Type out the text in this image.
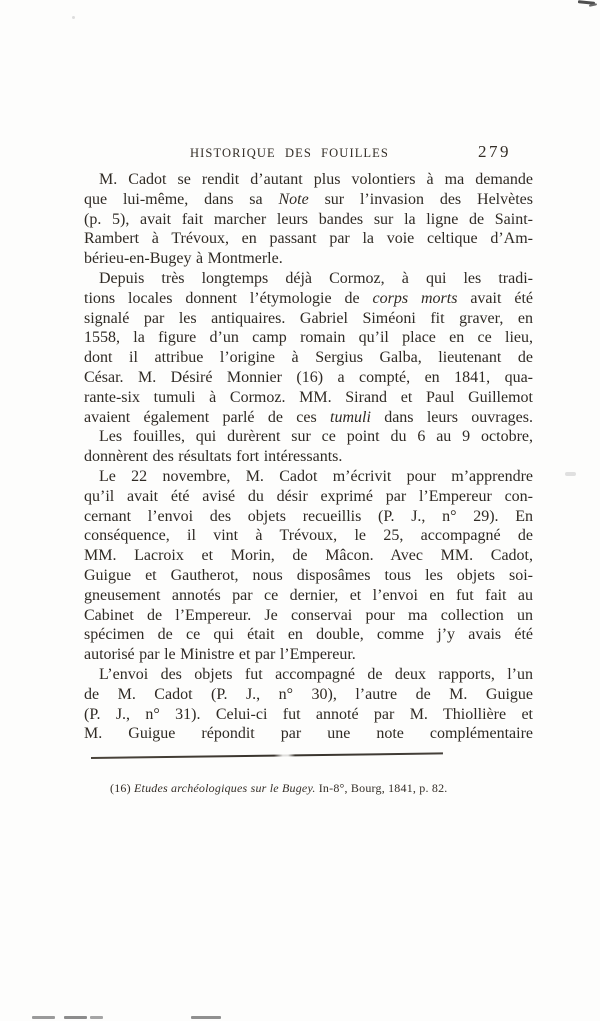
HISTORIQUE DES FOUILLES	279
M. Cadot se rendit d’autant plus volontiers à ma demande
que lui-même, dans sa Note sur l’invasion des Helvètes
(p. 5), avait fait marcher leurs bandes sur la ligne de Saint-
Rambert à Trévoux, en passant par la voie celtique d’Am-
bérieu-en-Bugey à Montmerle.
Depuis très longtemps déjà Cormoz, à qui les tradi-
tions locales donnent l’étymologie de corps morts avait été
signalé par les antiquaires. Gabriel Siméoni fit graver, en
1558, la figure d’un camp romain qu’il place en ce lieu,
dont il attribue l’origine à Sergius Galba, lieutenant de
César. M. Désiré Monnier (16) a compté, en 1841, qua-
rante-six tumuli à Cormoz. MM. Sirand et Paul Guillemot
avaient également parlé de ces tumuli dans leurs ouvrages.
Les fouilles, qui durèrent sur ce point du 6 au 9 octobre,
donnèrent des résultats fort intéressants.
Le 22 novembre, M. Cadot m’écrivit pour m’apprendre
qu’il avait été avisé du désir exprimé par l’Empereur con-
cernant l’envoi des objets recueillis (P. J., n° 29). En
conséquence, il vint à Trévoux, le 25, accompagné de
MM. Lacroix et Morin, de Mâcon. Avec MM. Cadot,
Guigue et Gautherot, nous disposâmes tous les objets soi-
gneusement annotés par ce dernier, et l’envoi en fut fait au
Cabinet de l’Empereur. Je conservai pour ma collection un
spécimen de ce qui était en double, comme j’y avais été
autorisé par le Ministre et par l’Empereur.
L’envoi des objets fut accompagné de deux rapports, l’un
de M. Cadot (P. J., n° 30), l’autre de M. Guigue
(P. J., n° 31). Celui-ci fut annoté par M. Thiollière et
M. Guigue répondit par une note complémentaire
(16) Etudes archéologiques sur le Bugey. In-8°, Bourg, 1841, p. 82.
